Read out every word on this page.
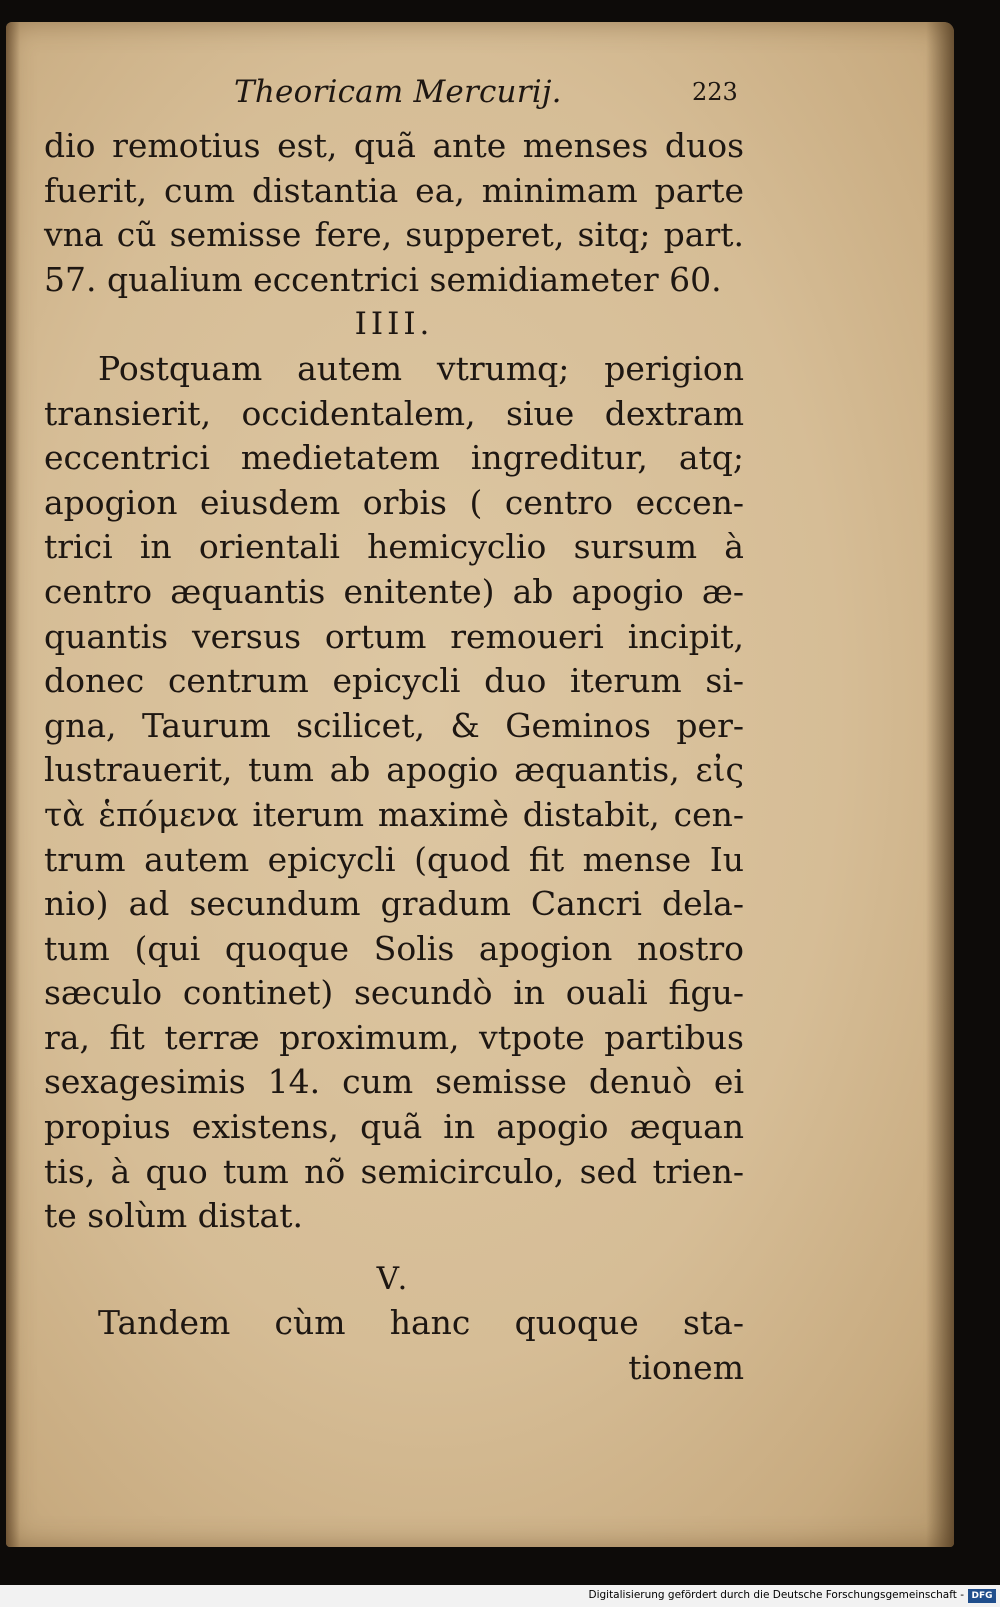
Theoricam Mercurij.	223
dio remotius est, quã ante menses duos
fuerit, cum distantia ea, minimam parte
vna cũ semisse fere, supperet, sitq; part.
57. qualium eccentrici semidiameter 60.
IIII.
Postquam autem vtrumq; perigion
transierit, occidentalem, siue dextram
eccentrici medietatem ingreditur, atq;
apogion eiusdem orbis ( centro eccen-
trici in orientali hemicyclio sursum à
centro æquantis enitente) ab apogio æ-
quantis versus ortum remoueri incipit,
donec centrum epicycli duo iterum si-
gna, Taurum scilicet, & Geminos per-
lustrauerit, tum ab apogio æquantis, εἰς
τὰ ἑπόμενα iterum maximè distabit, cen-
trum autem epicycli (quod fit mense Iu
nio) ad secundum gradum Cancri dela-
tum (qui quoque Solis apogion nostro
sæculo continet) secundò in ouali figu-
ra, fit terræ proximum, vtpote partibus
sexagesimis 14. cum semisse denuò ei
propius existens, quã in apogio æquan
tis, à quo tum nõ semicirculo, sed trien-
te solùm distat.
V.
Tandem cùm hanc quoque sta-
tionem
Digitalisierung gefördert durch die Deutsche Forschungsgemeinschaft - DFG
